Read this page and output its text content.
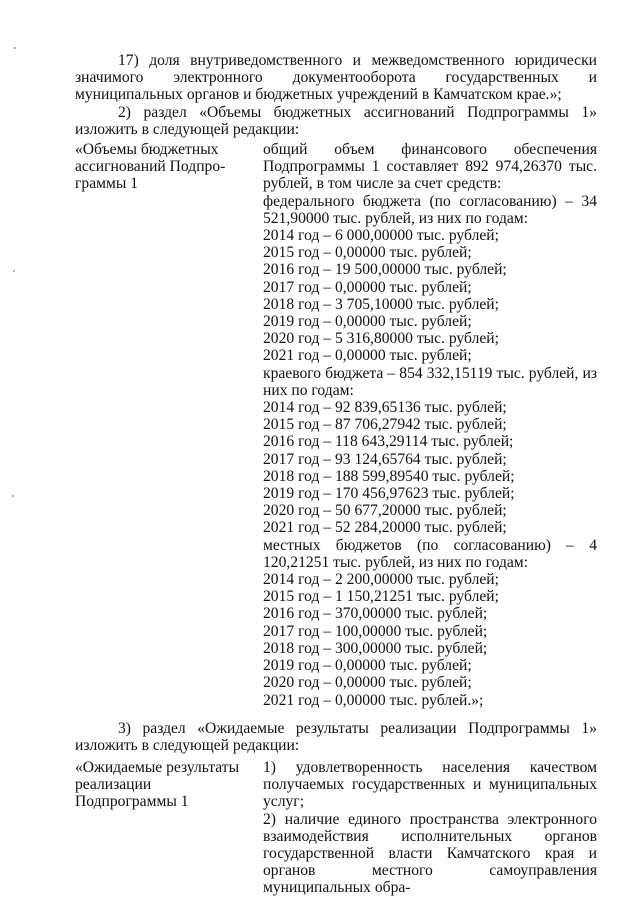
17) доля внутриведомственного и межведомственного юридически значимого электронного документооборота государственных и муниципальных органов и бюджетных учреждений в Камчатском крае.»;

2) раздел «Объемы бюджетных ассигнований Подпрограммы 1» изложить в следующей редакции:

«Объемы бюджетных
ассигнований Подпро-
граммы 1

общий объем финансового обеспечения Подпрограммы 1 составляет 892 974,26370 тыс. рублей, в том числе за счет средств:

федерального бюджета (по согласованию) – 34 521,90000 тыс. рублей, из них по годам:

2014 год – 6 000,00000 тыс. рублей;
2015 год – 0,00000 тыс. рублей;
2016 год – 19 500,00000 тыс. рублей;
2017 год – 0,00000 тыс. рублей;
2018 год – 3 705,10000 тыс. рублей;
2019 год – 0,00000 тыс. рублей;
2020 год – 5 316,80000 тыс. рублей;
2021 год – 0,00000 тыс. рублей;

краевого бюджета – 854 332,15119 тыс. рублей, из них по годам:

2014 год – 92 839,65136 тыс. рублей;
2015 год – 87 706,27942 тыс. рублей;
2016 год – 118 643,29114 тыс. рублей;
2017 год – 93 124,65764 тыс. рублей;
2018 год – 188 599,89540 тыс. рублей;
2019 год – 170 456,97623 тыс. рублей;
2020 год – 50 677,20000 тыс. рублей;
2021 год – 52 284,20000 тыс. рублей;

местных бюджетов (по согласованию) – 4 120,21251 тыс. рублей, из них по годам:

2014 год – 2 200,00000 тыс. рублей;
2015 год – 1 150,21251 тыс. рублей;
2016 год – 370,00000 тыс. рублей;
2017 год – 100,00000 тыс. рублей;
2018 год – 300,00000 тыс. рублей;
2019 год – 0,00000 тыс. рублей;
2020 год – 0,00000 тыс. рублей;
2021 год – 0,00000 тыс. рублей.»;

3) раздел «Ожидаемые результаты реализации Подпрограммы 1» изложить в следующей редакции:

«Ожидаемые результаты
реализации
Подпрограммы 1

1) удовлетворенность населения качеством получаемых государственных и муниципальных услуг;

2) наличие единого пространства электронного взаимодействия исполнительных органов государственной власти Камчатского края и органов местного самоуправления муниципальных обра-
